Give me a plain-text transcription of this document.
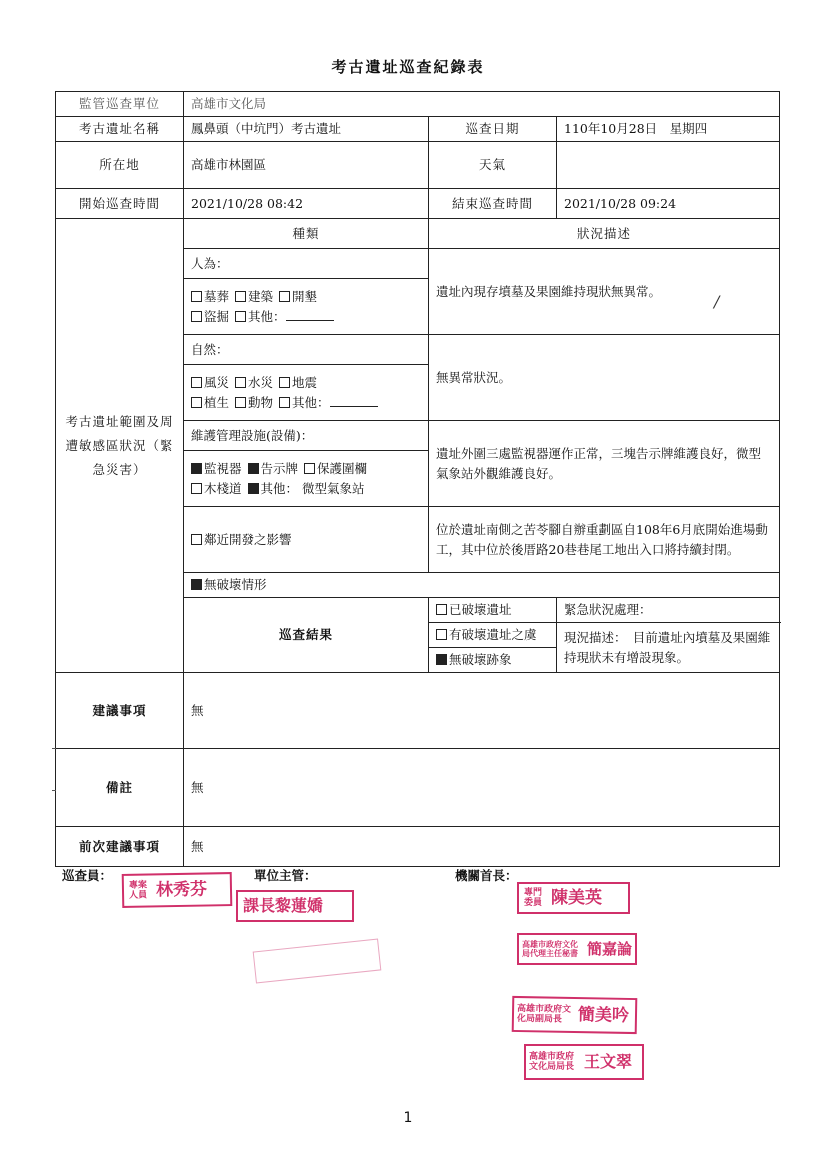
考古遺址巡查紀錄表
監管巡查單位	高雄市文化局		
考古遺址名稱	鳳鼻頭（中坑門）考古遺址	巡查日期	110年10月28日　星期四
所在地	高雄市林園區	天氣	
開始巡查時間	2021/10/28 08:42	結束巡查時間	2021/10/28 09:24
考古遺址範圍及周遭敏感區狀況（緊急災害）	種類	狀況描述	
	人為：	遺址內現存墳墓及果園維持現狀無異常。	
	墓葬 建築 開墾
盜掘 其他：		
	自然：	無異常狀況。	
	風災 水災 地震
植生 動物 其他：		
	維護管理設施(設備)：	遺址外圍三處監視器運作正常，三塊告示牌維護良好，微型氣象站外觀維護良好。	
	監視器 告示牌 保護圍欄
木棧道 其他： 微型氣象站		
	鄰近開發之影響	位於遺址南側之苦苓腳自辦重劃區自108年6月底開始進場動工，其中位於後厝路20巷巷尾工地出入口將持續封閉。	
	無破壞情形		
	巡查結果	已破壞遺址	緊急狀況處理：
		有破壞遺址之虞	現況描述：　 目前遺址內墳墓及果園維持現狀未有增設現象。
		無破壞跡象	
建議事項	無		
備註	無		
前次建議事項	無		
巡查員：	單位主管：	機關首長：
專案人員 林秀芬
課長黎蓮嬌
專門委員 陳美英
高雄市政府文化局代理主任秘書 簡嘉論
高雄市政府文化局副局長 簡美吟
高雄市政府文化局局長 王文翠
/
1
